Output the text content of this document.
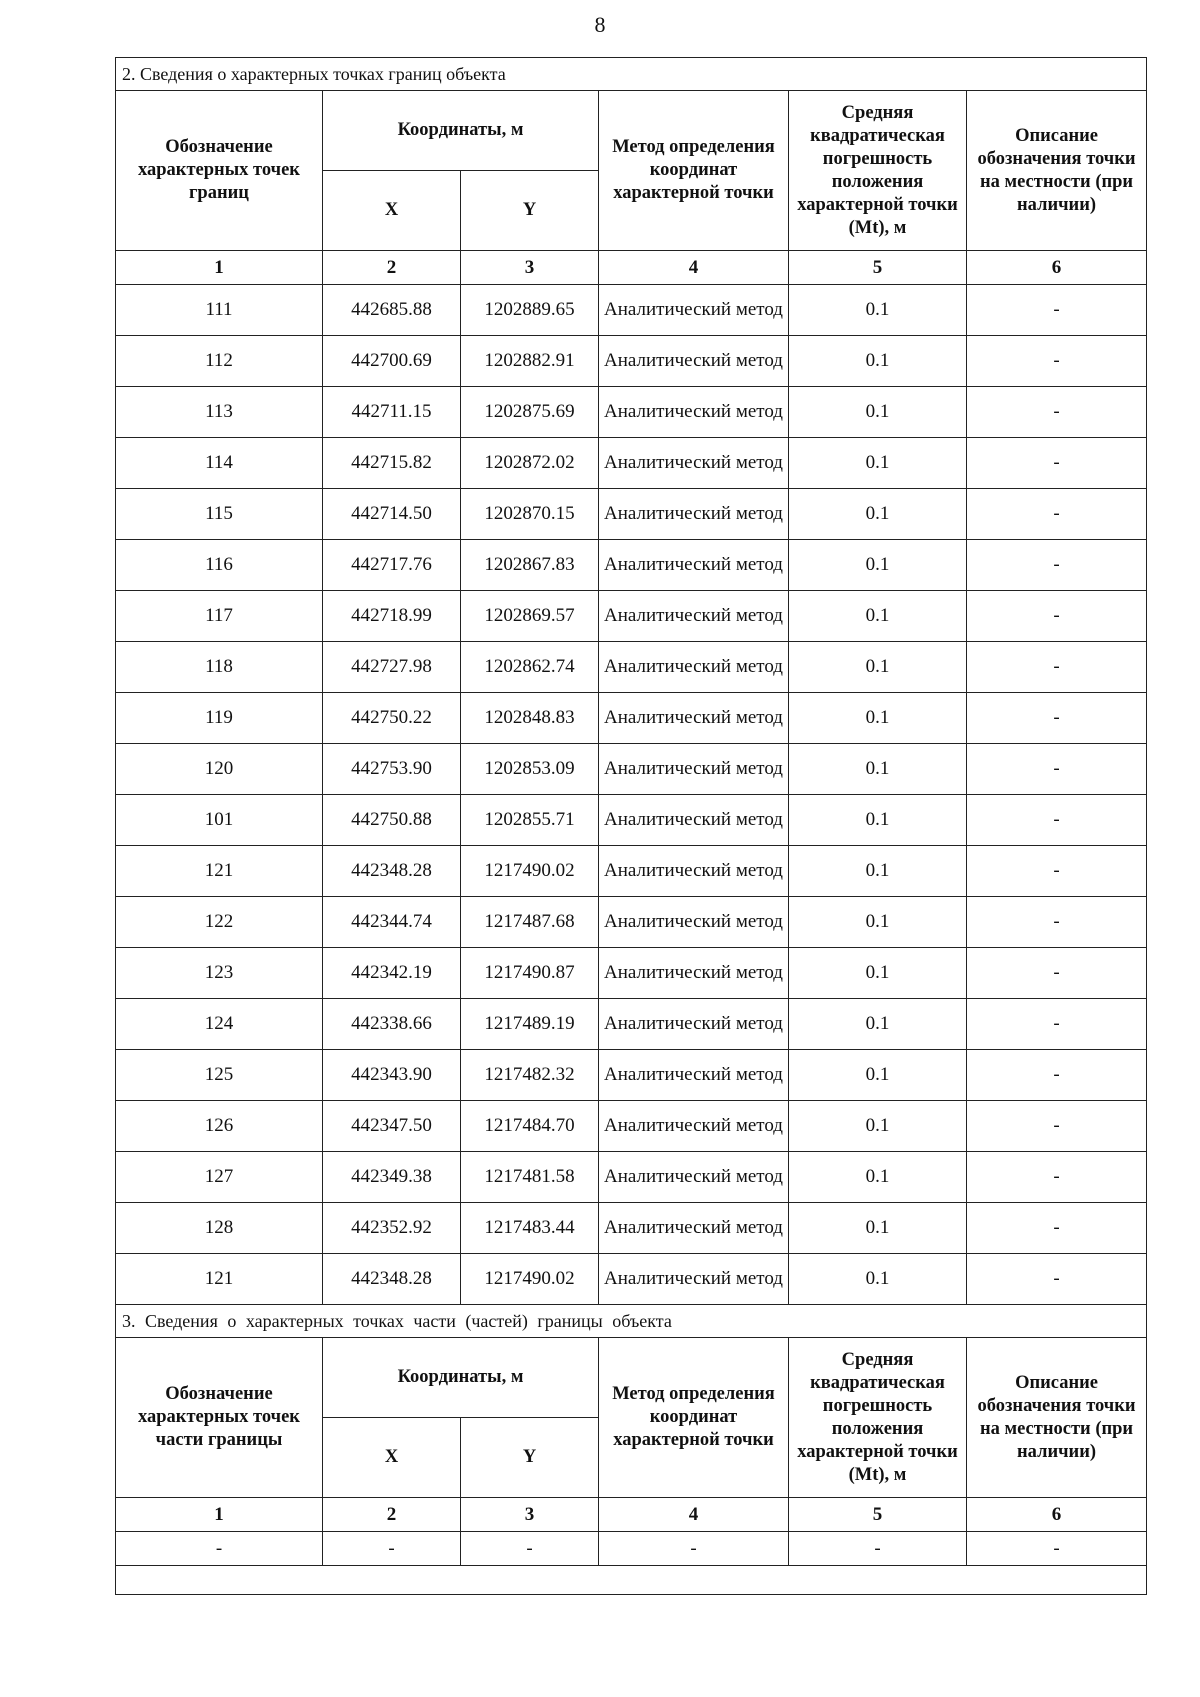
8
2. Сведения о характерных точках границ объекта					
Обозначение характерных точек границ	Координаты, м		Метод определения координат характерной точки	Средняя квадратическая погрешность положения характерной точки (Mt), м	Описание обозначения точки на местности (при наличии)
	X	Y			
1	2	3	4	5	6
111	442685.88	1202889.65	Аналитический метод	0.1	-
112	442700.69	1202882.91	Аналитический метод	0.1	-
113	442711.15	1202875.69	Аналитический метод	0.1	-
114	442715.82	1202872.02	Аналитический метод	0.1	-
115	442714.50	1202870.15	Аналитический метод	0.1	-
116	442717.76	1202867.83	Аналитический метод	0.1	-
117	442718.99	1202869.57	Аналитический метод	0.1	-
118	442727.98	1202862.74	Аналитический метод	0.1	-
119	442750.22	1202848.83	Аналитический метод	0.1	-
120	442753.90	1202853.09	Аналитический метод	0.1	-
101	442750.88	1202855.71	Аналитический метод	0.1	-
121	442348.28	1217490.02	Аналитический метод	0.1	-
122	442344.74	1217487.68	Аналитический метод	0.1	-
123	442342.19	1217490.87	Аналитический метод	0.1	-
124	442338.66	1217489.19	Аналитический метод	0.1	-
125	442343.90	1217482.32	Аналитический метод	0.1	-
126	442347.50	1217484.70	Аналитический метод	0.1	-
127	442349.38	1217481.58	Аналитический метод	0.1	-
128	442352.92	1217483.44	Аналитический метод	0.1	-
121	442348.28	1217490.02	Аналитический метод	0.1	-
3. Сведения о характерных точках части (частей) границы объекта					
Обозначение характерных точек части границы	Координаты, м		Метод определения координат характерной точки	Средняя квадратическая погрешность положения характерной точки (Mt), м	Описание обозначения точки на местности (при наличии)
	X	Y			
1	2	3	4	5	6
-	-	-	-	-	-
